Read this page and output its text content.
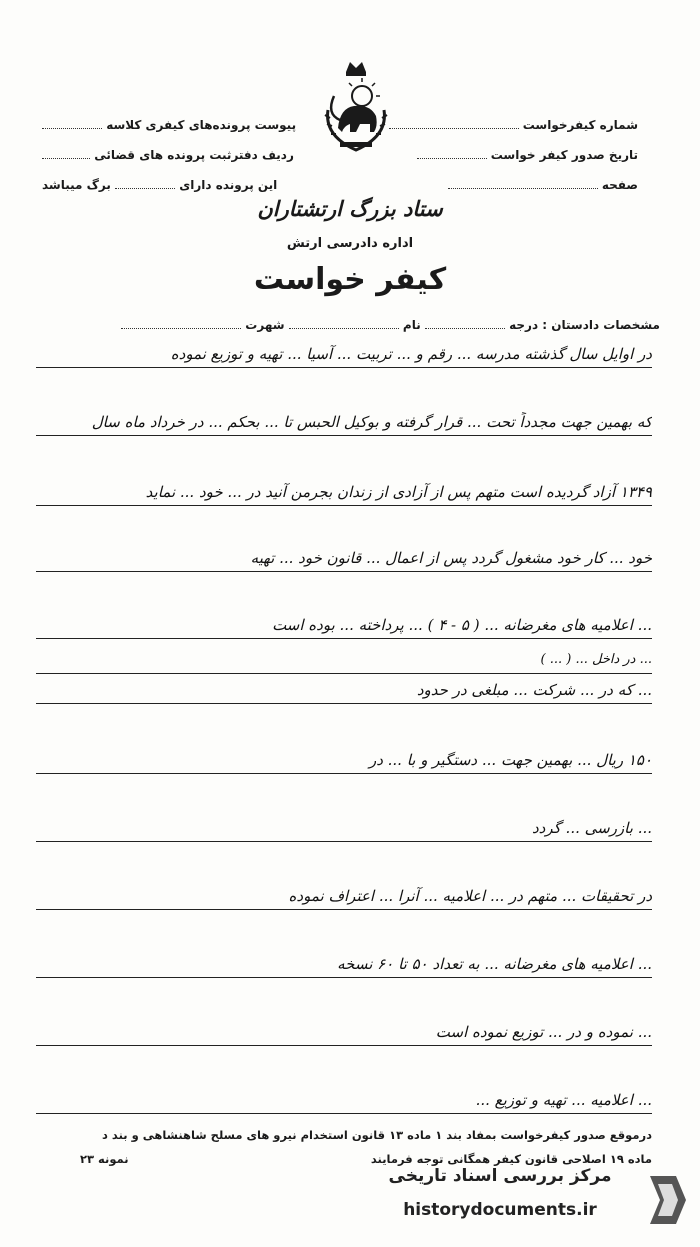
شماره کیفرخواست
تاریخ صدور کیفر خواست
صفحه
پیوست پرونده‌های کیفری کلاسه
ردیف دفترثبت پرونده های قضائی
این پرونده دارای  برگ میباشد
ستاد بزرگ ارتشتاران
اداره دادرسی ارتش
کیفر خواست
مشخصات دادستان : درجه  نام  شهرت
در اوایل سال گذشته مدرسه ... رقم و ... تربیت ... آسیا ... تهیه و توزیع نموده
که بهمین جهت مجدداً تحت ... قرار گرفته و بوکیل الحبس تا ... بحکم ... در خرداد ماه سال
۱۳۴۹ آزاد گردیده است متهم پس از آزادی از زندان بجرمن آنید در ... خود ... نماید
خود ... کار خود مشغول گردد پس از اعمال ... قانون خود ... تهیه
... اعلامیه های مغرضانه ... ( ۵ - ۴ ) ... پرداخته ... بوده است
... در داخل ... ( ... )
... که در ... شرکت ... مبلغی در حدود
۱۵۰ ریال ... بهمین جهت ... دستگیر و با ... در
... بازرسی ... گردد
در تحقیقات ... متهم در ... اعلامیه ... آنرا ... اعتراف نموده
... اعلامیه های مغرضانه ... به تعداد ۵۰ تا ۶۰ نسخه
... نموده و در ... توزیع نموده است
... اعلامیه ... تهیه و توزیع ...
درموقع صدور کیفرخواست بمفاد بند ۱ ماده ۱۳ قانون استخدام نیرو های مسلح شاهنشاهی و بند د
ماده ۱۹ اصلاحی قانون کیفر همگانی توجه فرمایند
نمونه ۲۳
مرکز بررسی اسناد تاریخی
historydocuments.ir
